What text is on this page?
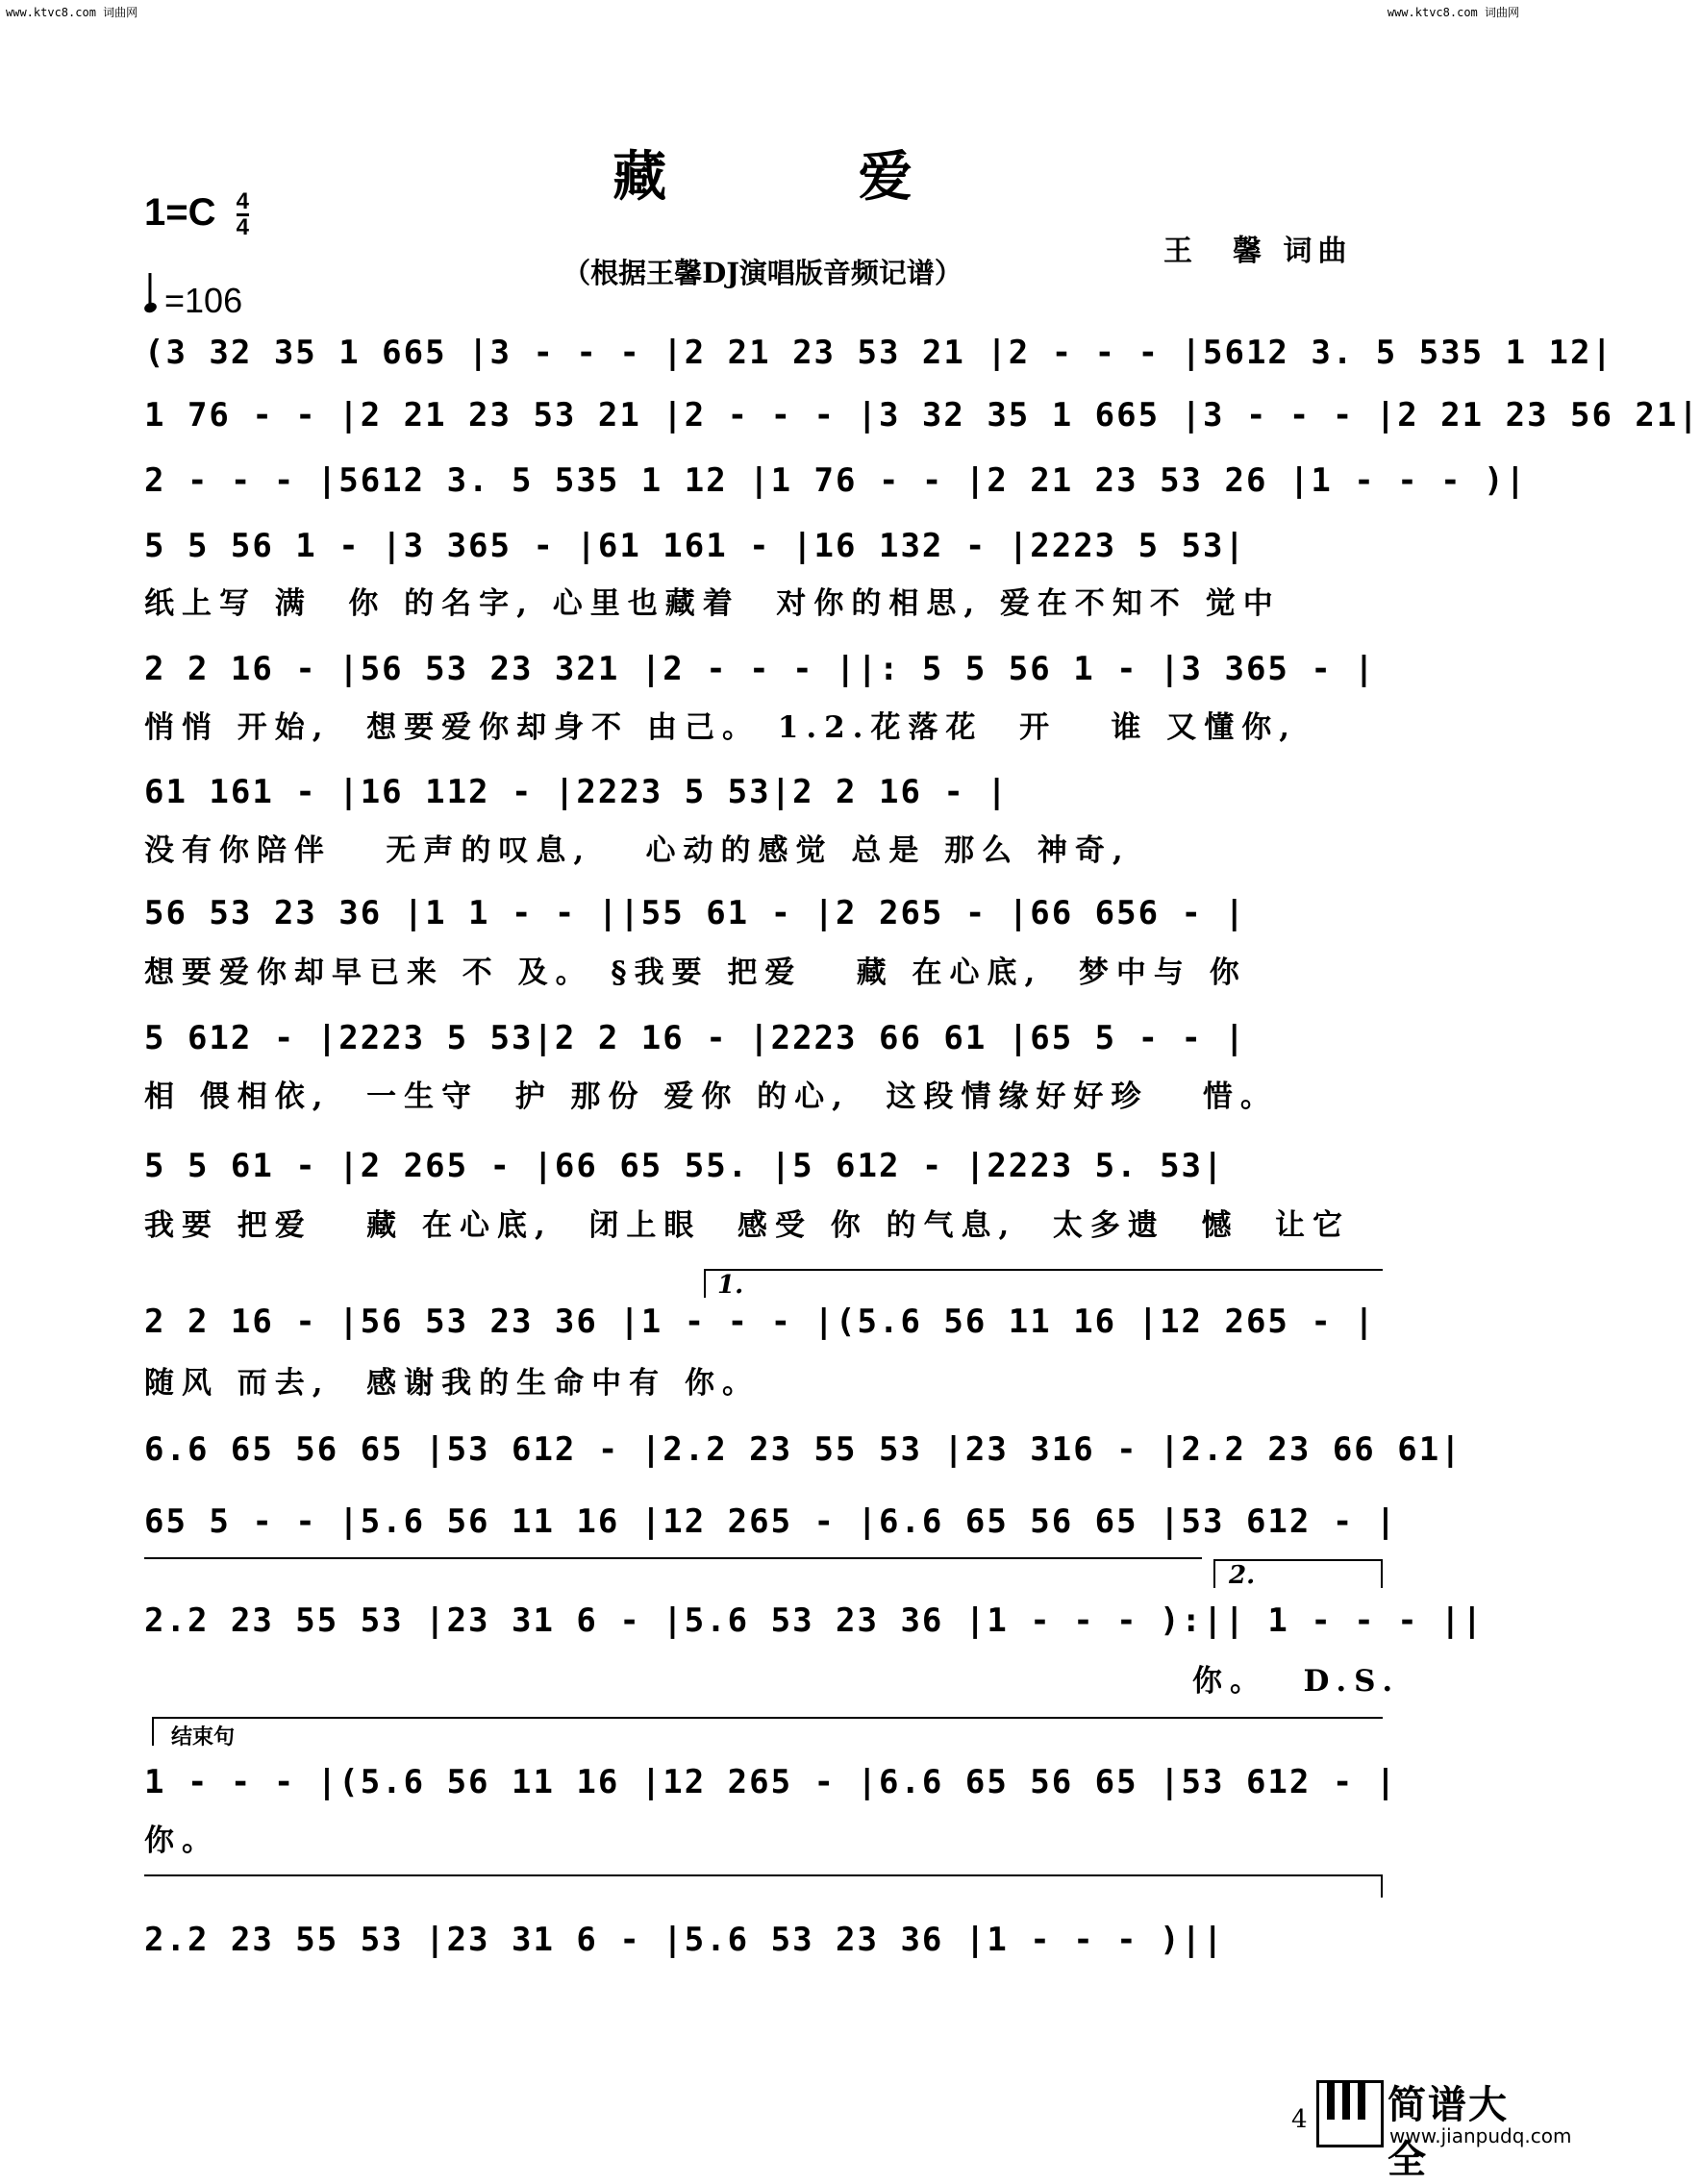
www.ktvc8.com 词曲网	www.ktvc8.com 词曲网
藏 爱
$1=C \frac{4}{4}$
（根据王馨DJ演唱版音频记谱）
王　馨 词曲
=106
(3 32 35 1 665 |3 - - - |2 21 23 53 21 |2 - - - |5612 3. 5 535 1 12|
1 76 - - |2 21 23 53 21 |2 - - - |3 32 35 1 665 |3 - - - |2 21 23 56 21|
2 - - - |5612 3. 5 535 1 12 |1 76 - - |2 21 23 53 26 |1 - - - )|
5 5 56 1 - |3 365 - |61 161 - |16 132 - |2223 5 53|
纸上写 满  你 的名字, 心里也藏着  对你的相思, 爱在不知不 觉中
2 2 16 - |56 53 23 321 |2 - - - ||: 5 5 56 1 - |3 365 - |
悄悄 开始,  想要爱你却身不 由己。 1.2.花落花  开   谁 又懂你,
61 161 - |16 112 - |2223 5 53|2 2 16 - |
没有你陪伴   无声的叹息,   心动的感觉 总是 那么 神奇,
56 53 23 36 |1 1 - - ||55 61 - |2 265 - |66 656 - |
想要爱你却早已来 不 及。 §我要 把爱   藏 在心底,  梦中与 你
5 612 - |2223 5 53|2 2 16 - |2223 66 61 |65 5 - - |
相 偎相依,  一生守  护 那份 爱你 的心,  这段情缘好好珍   惜。
5 5 61 - |2 265 - |66 65 55. |5 612 - |2223 5. 53|
我要 把爱   藏 在心底,  闭上眼  感受 你 的气息,  太多遗  憾  让它
1.
2 2 16 - |56 53 23 36 |1 - - - |(5.6 56 11 16 |12 265 - |
随风 而去,  感谢我的生命中有 你。
6.6 65 56 65 |53 612 - |2.2 23 55 53 |23 316 - |2.2 23 66 61|
65 5 - - |5.6 56 11 16 |12 265 - |6.6 65 56 65 |53 612 - |
2.
2.2 23 55 53 |23 31 6 - |5.6 53 23 36 |1 - - - ):|| 1 - - - ||
你。  D.S.
结束句
1 - - - |(5.6 56 11 16 |12 265 - |6.6 65 56 65 |53 612 - |
你。
2.2 23 55 53 |23 31 6 - |5.6 53 23 36 |1 - - - )||
4 简谱大全
www.jianpudq.com
